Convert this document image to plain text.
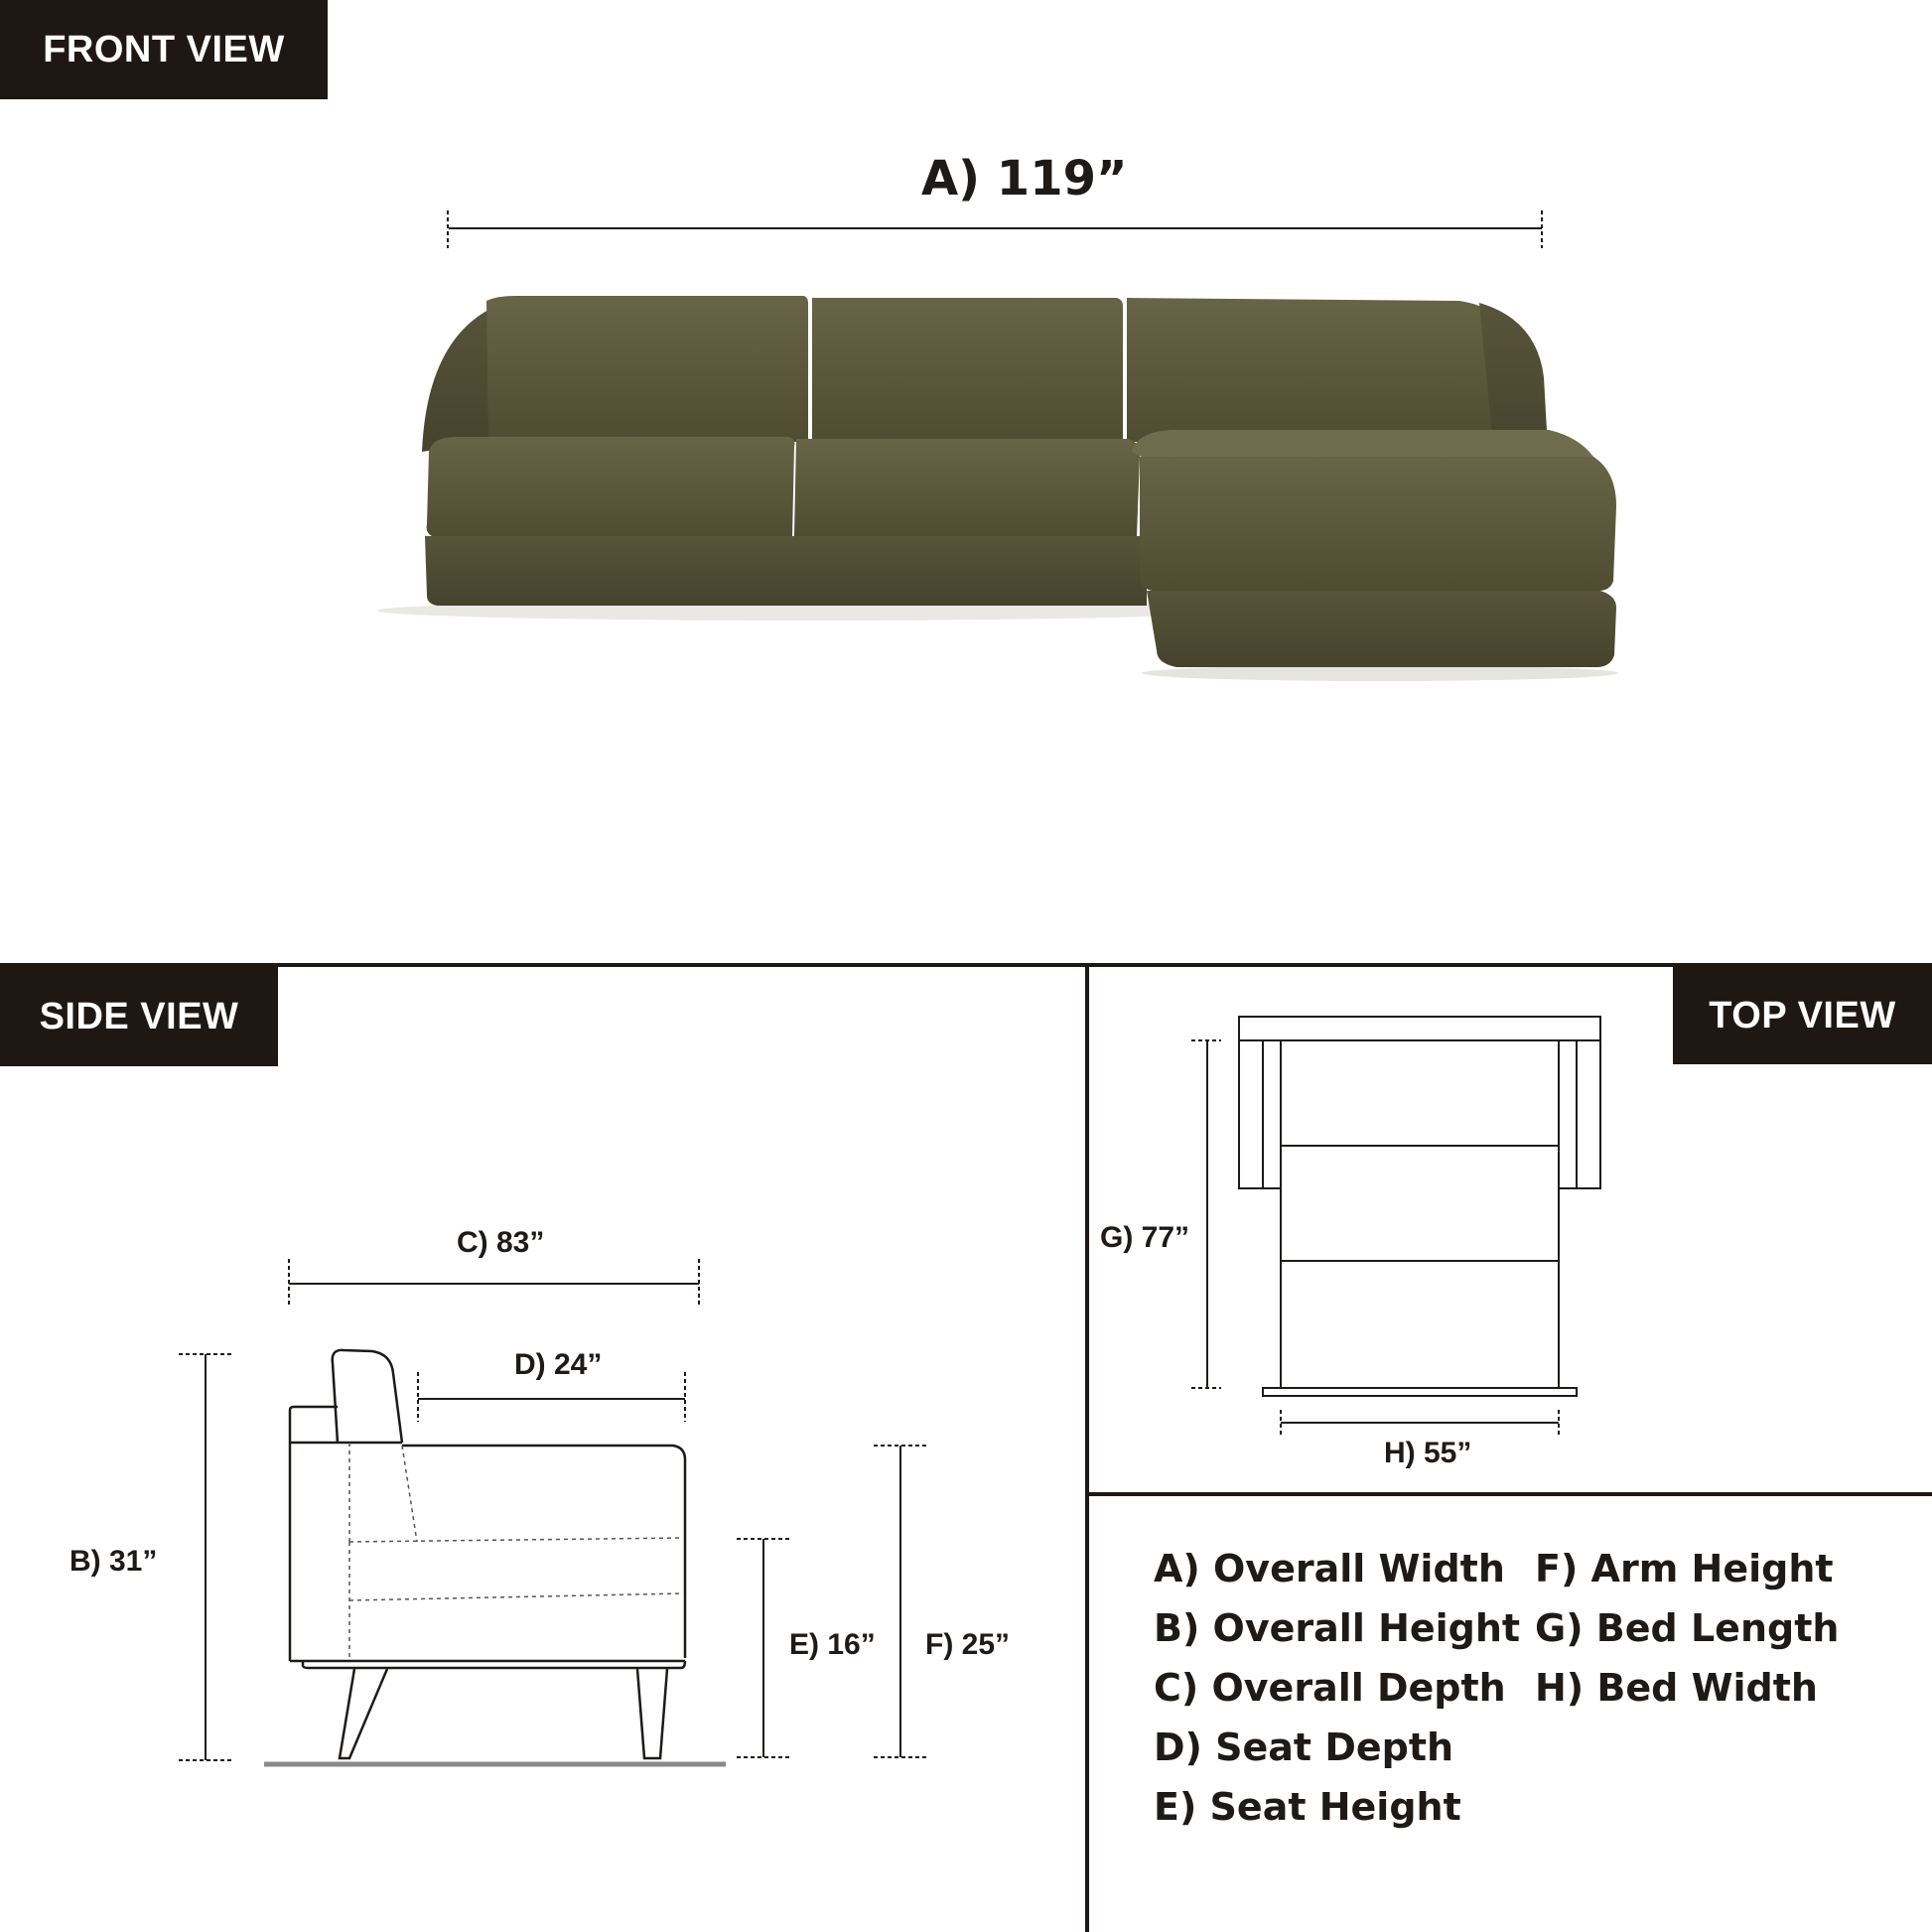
FRONT VIEW
SIDE VIEW	TOP VIEW
A) 119”
C) 83”
D) 24”
B) 31”
E) 16” F) 25”
G) 77”
H) 55”
A) Overall Width
B) Overall Height
C) Overall Depth
D) Seat Depth
E) Seat Height
F) Arm Height
G) Bed Length
H) Bed Width
